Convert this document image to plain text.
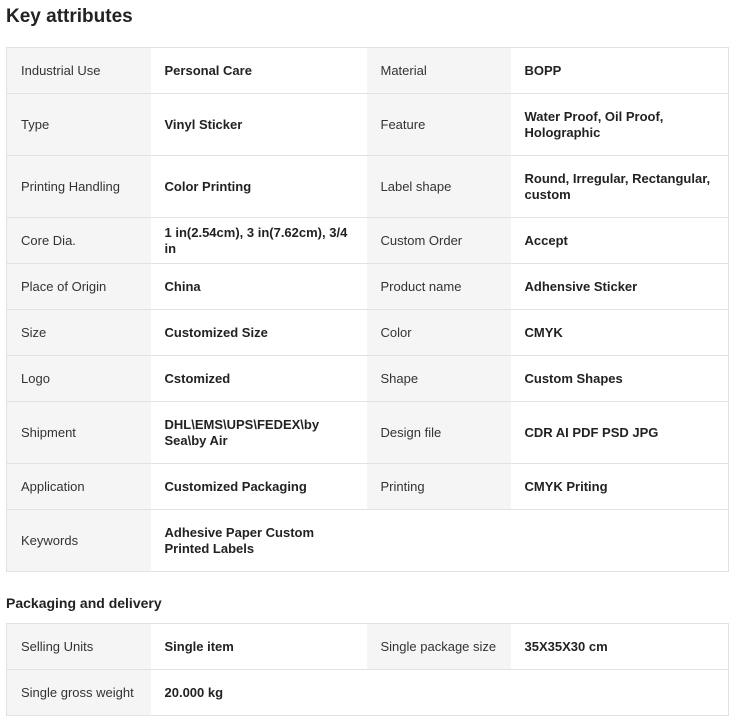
Key attributes
Industrial Use	Personal Care	Material	BOPP
Type	Vinyl Sticker	Feature	Water Proof, Oil Proof, Holographic
Printing Handling	Color Printing	Label shape	Round, Irregular, Rectangular, custom
Core Dia.	1 in(2.54cm), 3 in(7.62cm), 3/4 in	Custom Order	Accept
Place of Origin	China	Product name	Adhensive Sticker
Size	Customized Size	Color	CMYK
Logo	Cstomized	Shape	Custom Shapes
Shipment	DHL\EMS\UPS\FEDEX\by Sea\by Air	Design file	CDR AI PDF PSD JPG
Application	Customized Packaging	Printing	CMYK Priting
Keywords	Adhesive Paper Custom Printed Labels		
Packaging and delivery
Selling Units	Single item	Single package size	35X35X30 cm
Single gross weight	20.000 kg		
